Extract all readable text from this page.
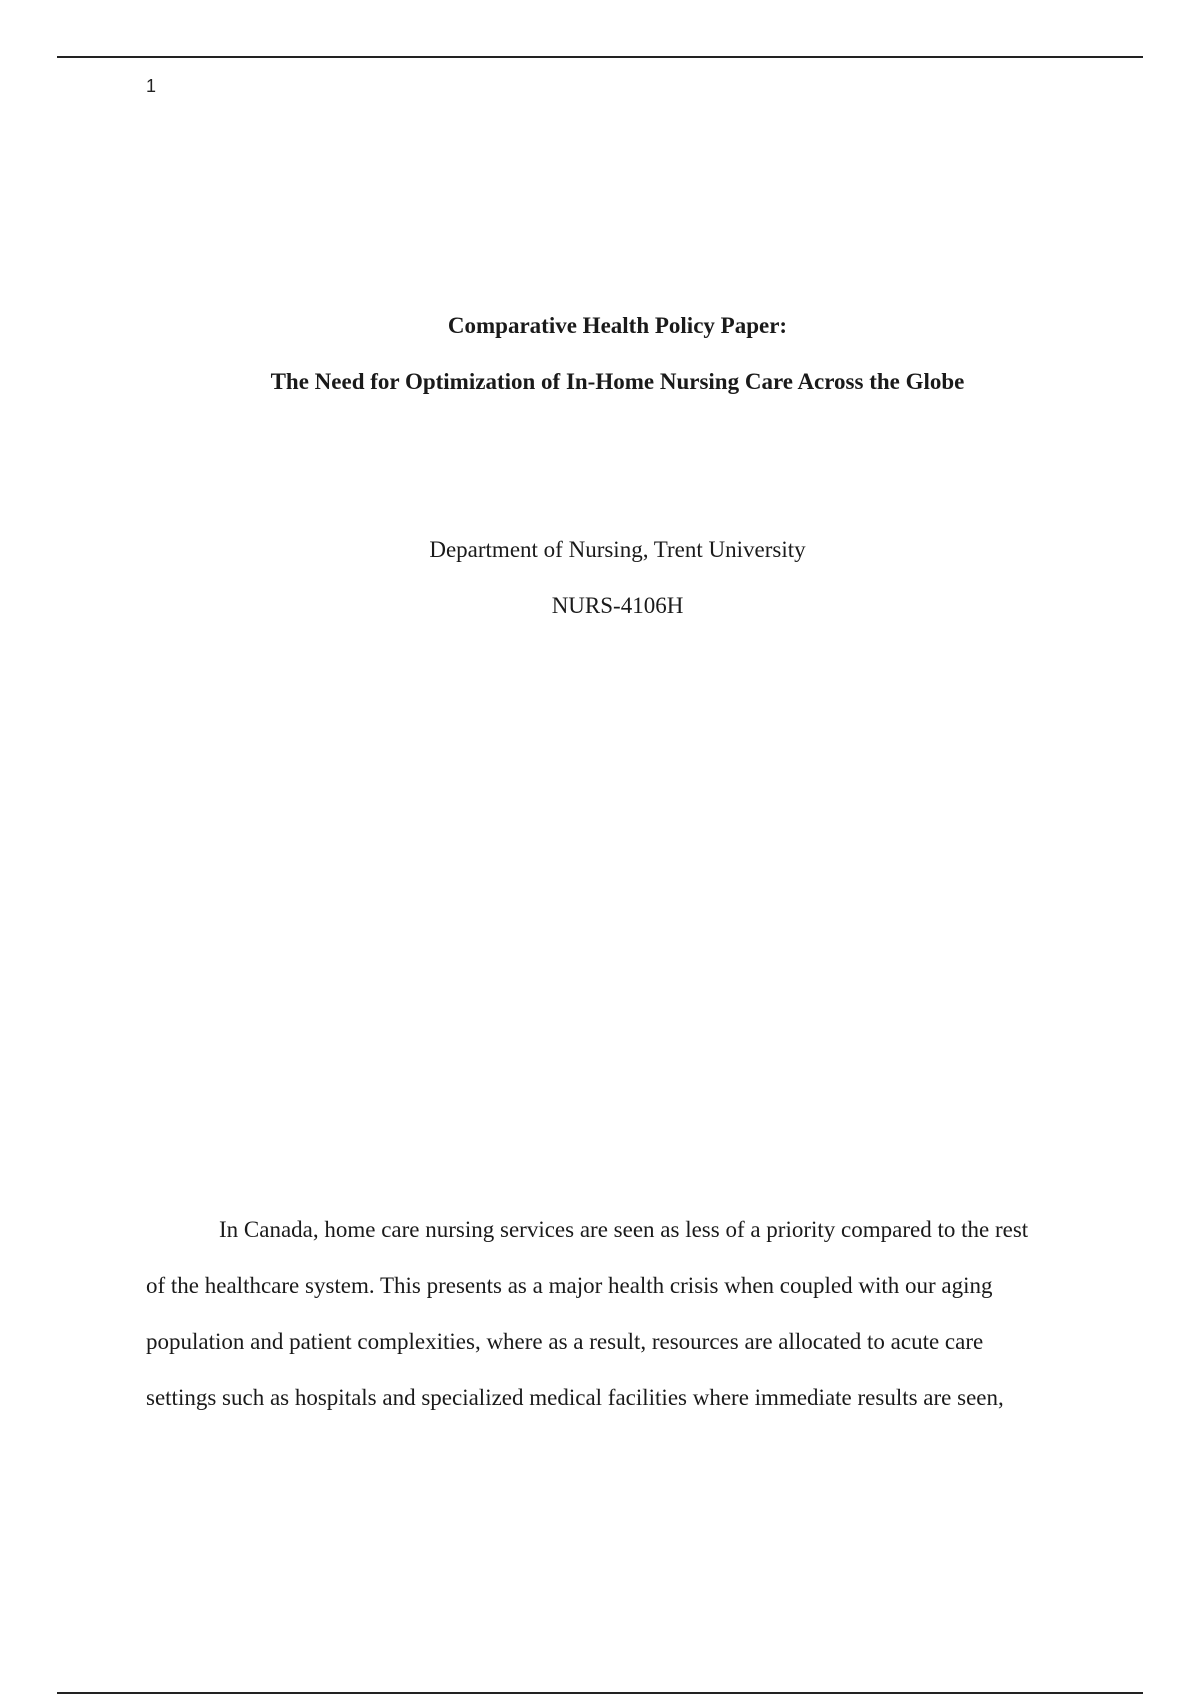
1
Comparative Health Policy Paper:
The Need for Optimization of In-Home Nursing Care Across the Globe
Department of Nursing, Trent University
NURS-4106H

In Canada, home care nursing services are seen as less of a priority compared to the rest

of the healthcare system. This presents as a major health crisis when coupled with our aging

population and patient complexities, where as a result, resources are allocated to acute care

settings such as hospitals and specialized medical facilities where immediate results are seen,
